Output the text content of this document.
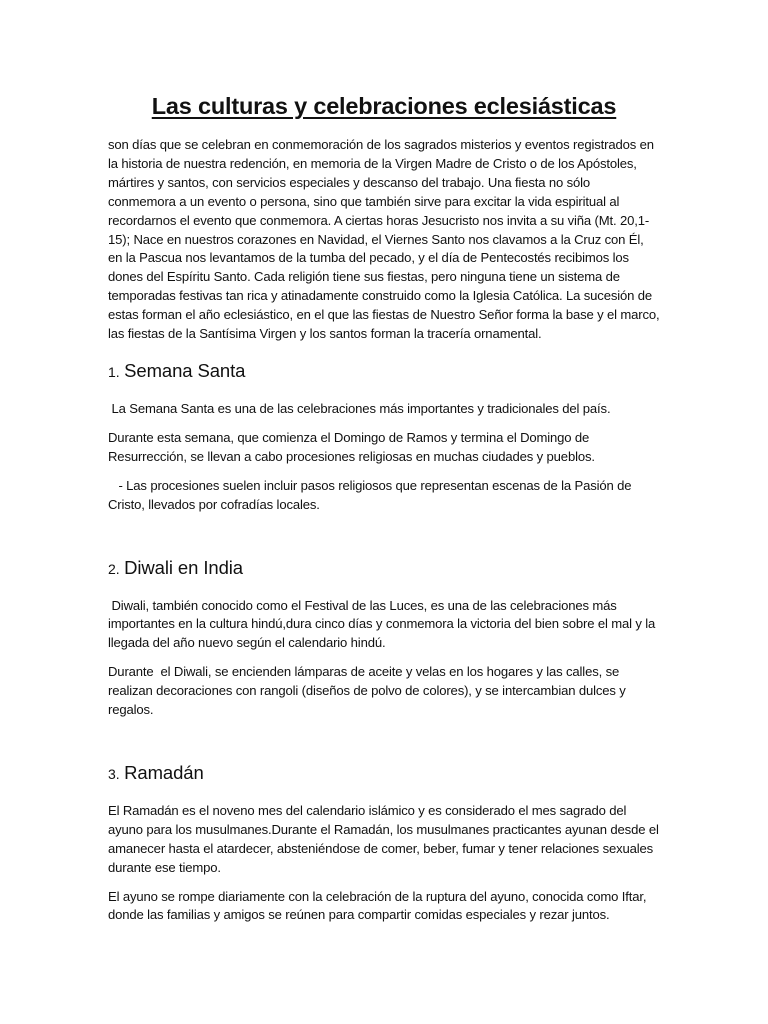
Las culturas y celebraciones eclesiásticas

son días que se celebran en conmemoración de los sagrados misterios y eventos registrados en la historia de nuestra redención, en memoria de la Virgen Madre de Cristo o de los Apóstoles, mártires y santos, con servicios especiales y descanso del trabajo. Una fiesta no sólo conmemora a un evento o persona, sino que también sirve para excitar la vida espiritual al recordarnos el evento que conmemora. A ciertas horas Jesucristo nos invita a su viña (Mt. 20,1-15); Nace en nuestros corazones en Navidad, el Viernes Santo nos clavamos a la Cruz con Él, en la Pascua nos levantamos de la tumba del pecado, y el día de Pentecostés recibimos los dones del Espíritu Santo. Cada religión tiene sus fiestas, pero ninguna tiene un sistema de temporadas festivas tan rica y atinadamente construido como la Iglesia Católica. La sucesión de estas forman el año eclesiástico, en el que las fiestas de Nuestro Señor forma la base y el marco, las fiestas de la Santísima Virgen y los santos forman la tracería ornamental.

1. Semana Santa

La Semana Santa es una de las celebraciones más importantes y tradicionales del país.

Durante esta semana, que comienza el Domingo de Ramos y termina el Domingo de Resurrección, se llevan a cabo procesiones religiosas en muchas ciudades y pueblos.

- Las procesiones suelen incluir pasos religiosos que representan escenas de la Pasión de Cristo, llevados por cofradías locales.

2. Diwali en India

Diwali, también conocido como el Festival de las Luces, es una de las celebraciones más importantes en la cultura hindú,dura cinco días y conmemora la victoria del bien sobre el mal y la llegada del año nuevo según el calendario hindú.

Durante  el Diwali, se encienden lámparas de aceite y velas en los hogares y las calles, se realizan decoraciones con rangoli (diseños de polvo de colores), y se intercambian dulces y regalos.

3. Ramadán

El Ramadán es el noveno mes del calendario islámico y es considerado el mes sagrado del ayuno para los musulmanes.Durante el Ramadán, los musulmanes practicantes ayunan desde el amanecer hasta el atardecer, absteniéndose de comer, beber, fumar y tener relaciones sexuales durante ese tiempo.

El ayuno se rompe diariamente con la celebración de la ruptura del ayuno, conocida como Iftar, donde las familias y amigos se reúnen para compartir comidas especiales y rezar juntos.
